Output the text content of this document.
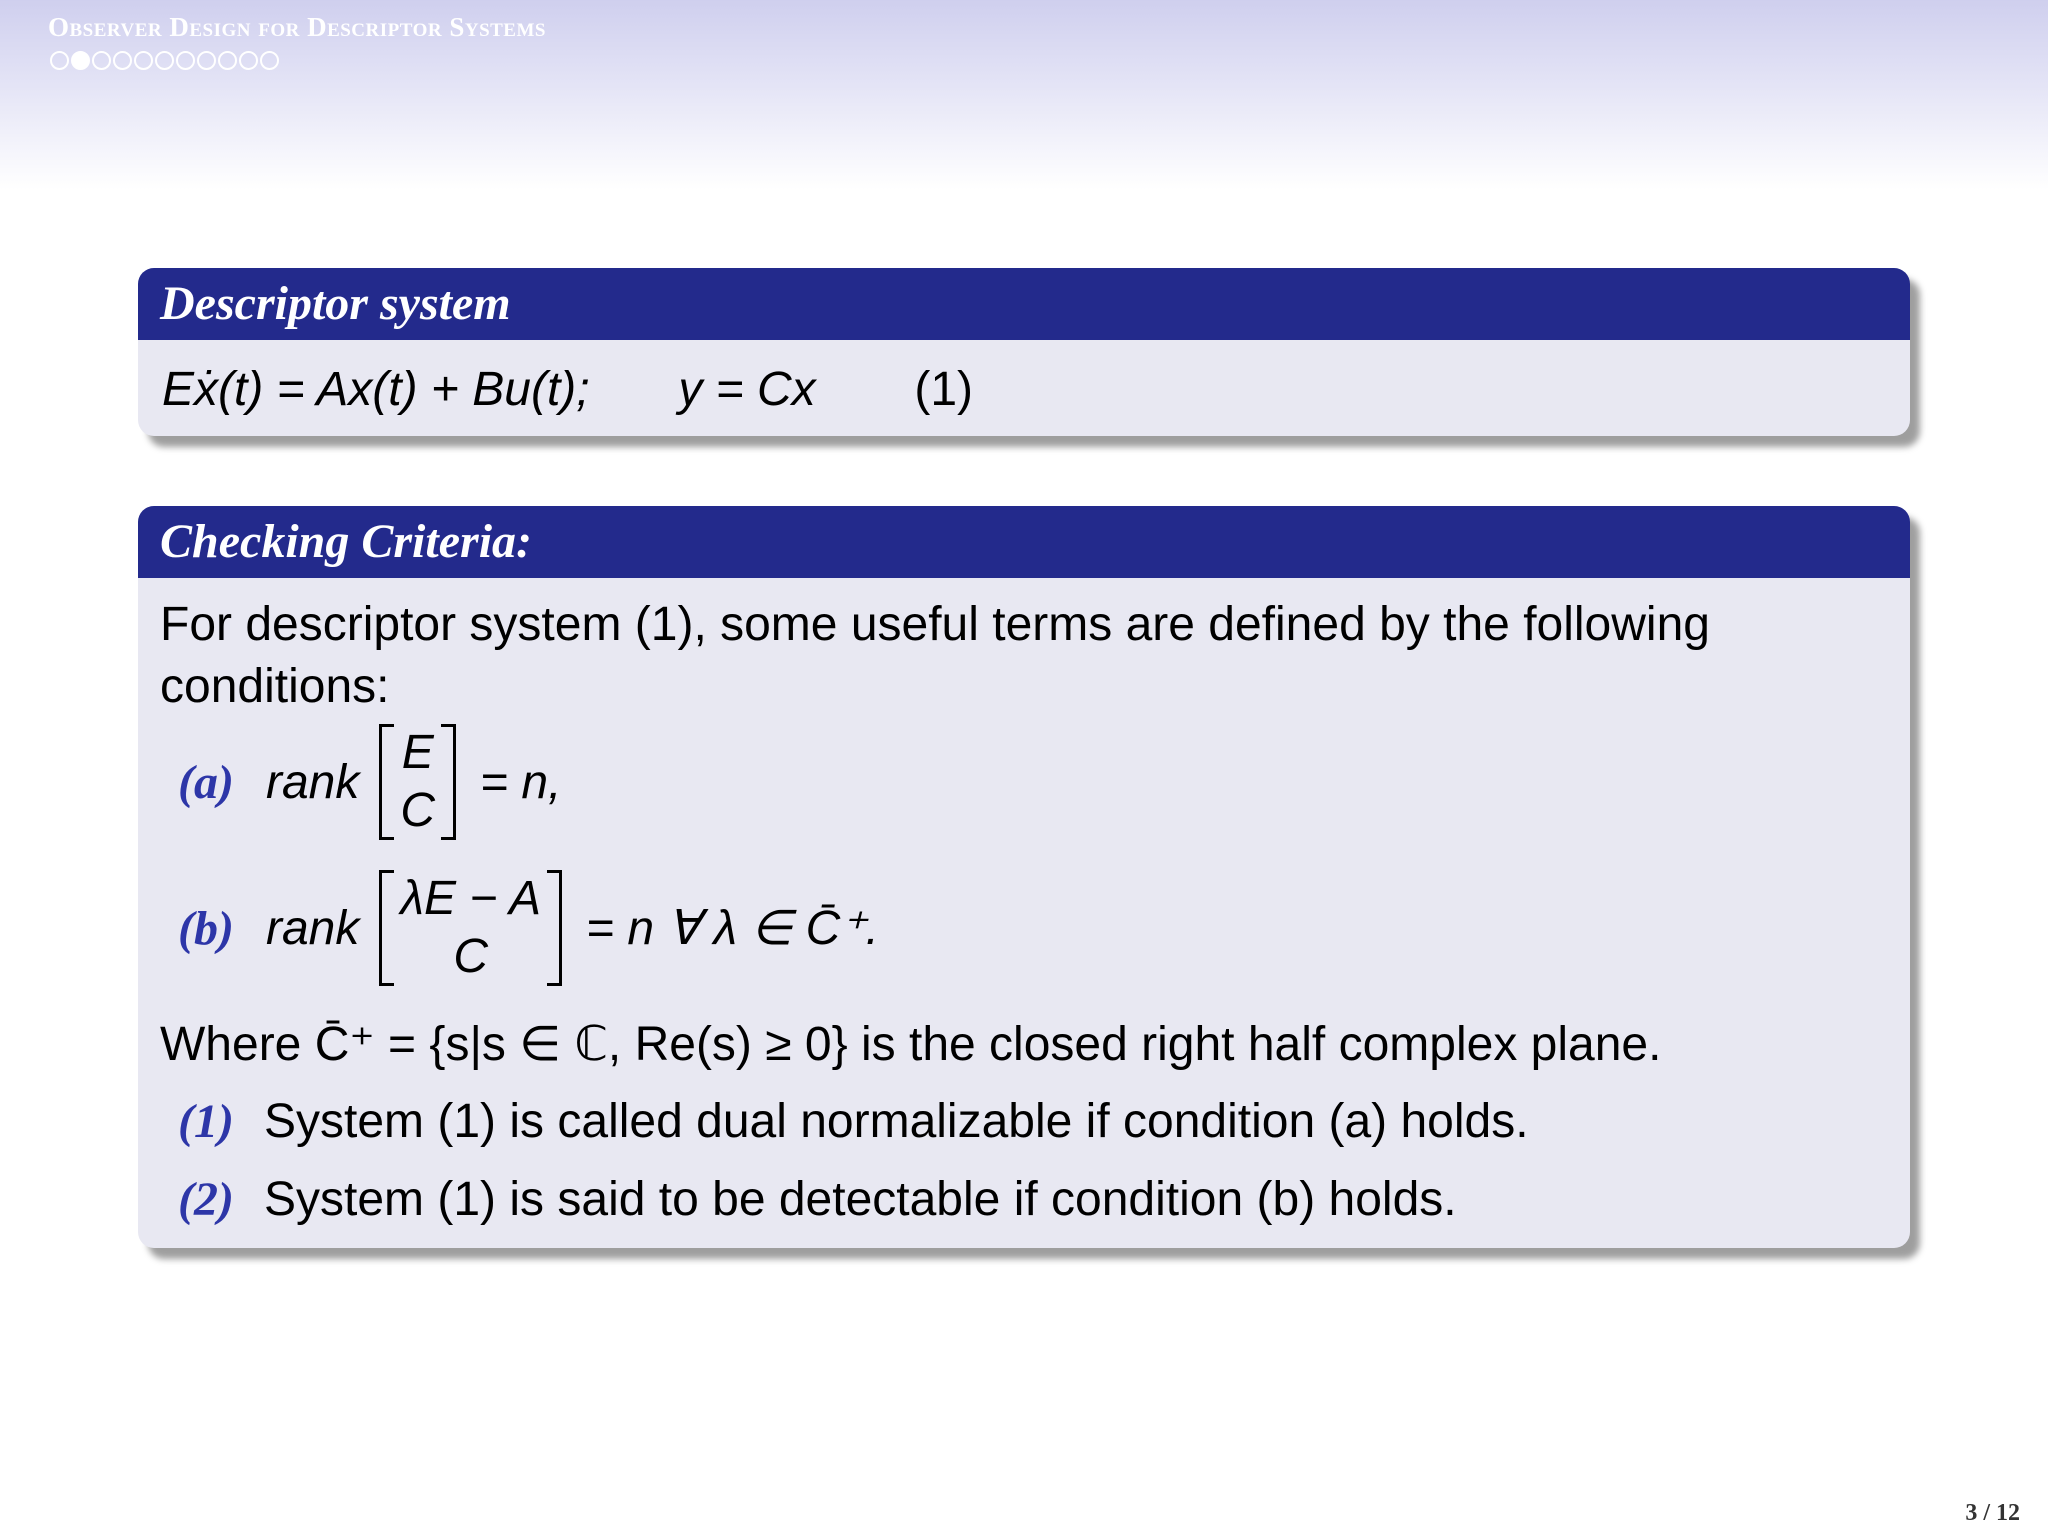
Observer Design for Descriptor Systems
Descriptor system
Eẋ(t) = Ax(t) + Bu(t); y = Cx (1)
Checking Criteria:
For descriptor system (1), some useful terms are defined by the following conditions:
(a) rank
E
C
= n,
(b) rank
λE − A
C
= n ∀ λ ∈ C̄⁺.
Where C̄⁺ = {s|s ∈ ℂ, Re(s) ≥ 0} is the closed right half complex plane.
(1) System (1) is called dual normalizable if condition (a) holds.
(2) System (1) is said to be detectable if condition (b) holds.
3 / 12
